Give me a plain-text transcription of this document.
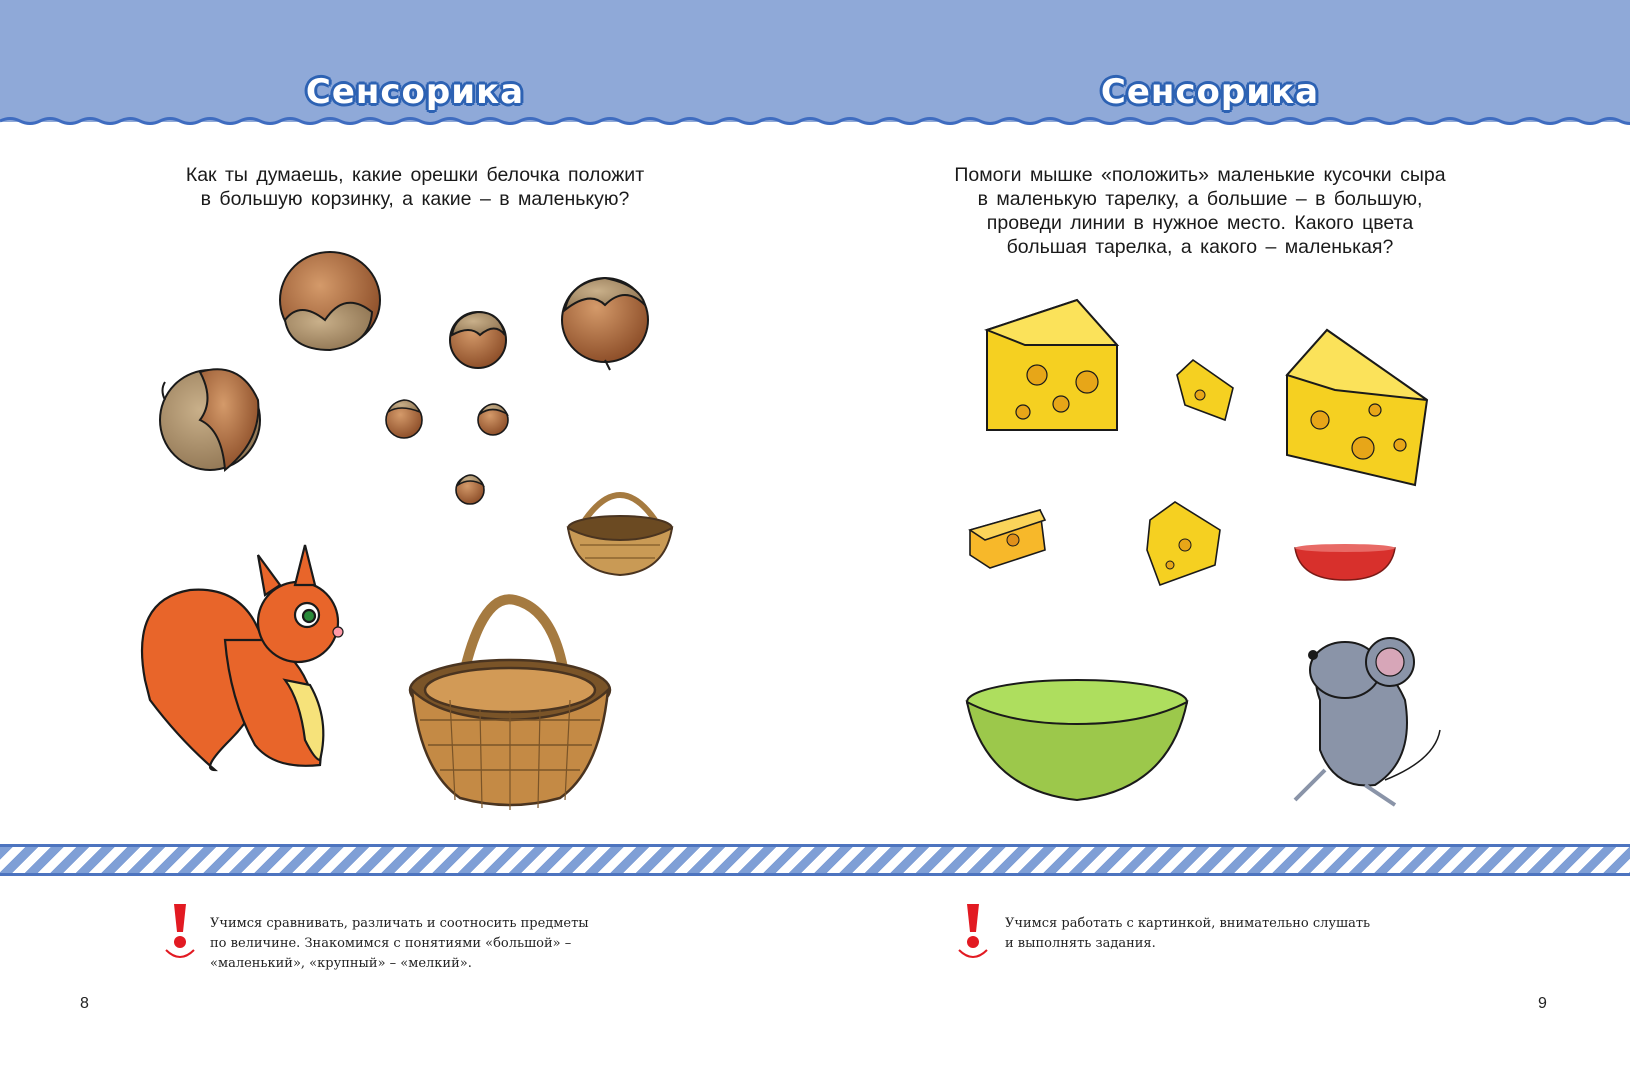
Сенсорика	Сенсорика
Как ты думаешь, какие орешки белочка положит
в большую корзинку, а какие – в маленькую?
Помоги мышке «положить» маленькие кусочки сыра
в маленькую тарелку, а большие – в большую,
проведи линии в нужное место. Какого цвета
большая тарелка, а какого – маленькая?
Учимся сравнивать, различать и соотносить предметы
по величине. Знакомимся с понятиями «большой» –
«маленький», «крупный» – «мелкий».
Учимся работать с картинкой, внимательно слушать
и выполнять задания.
8	9
